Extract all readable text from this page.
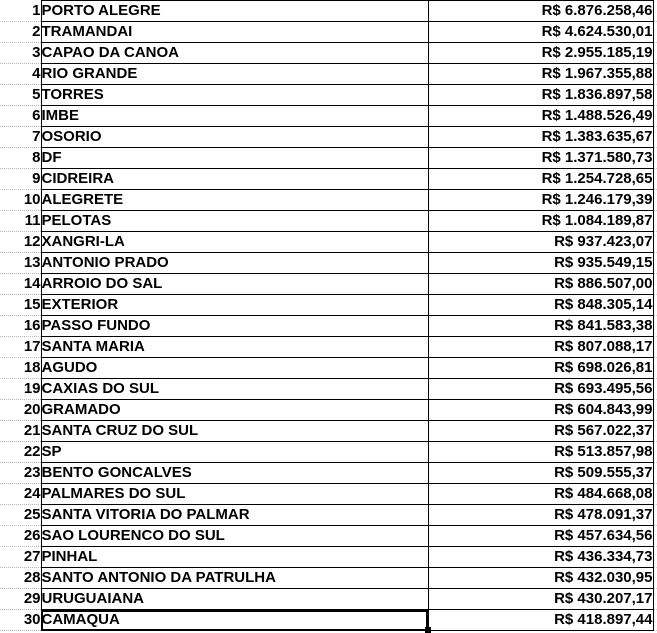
1	PORTO ALEGRE	R$ 6.876.258,46	
2	TRAMANDAI	R$ 4.624.530,01	
3	CAPAO DA CANOA	R$ 2.955.185,19	
4	RIO GRANDE	R$ 1.967.355,88	
5	TORRES	R$ 1.836.897,58	
6	IMBE	R$ 1.488.526,49	
7	OSORIO	R$ 1.383.635,67	
8	DF	R$ 1.371.580,73	
9	CIDREIRA	R$ 1.254.728,65	
10	ALEGRETE	R$ 1.246.179,39	
11	PELOTAS	R$ 1.084.189,87	
12	XANGRI-LA	R$ 937.423,07	
13	ANTONIO PRADO	R$ 935.549,15	
14	ARROIO DO SAL	R$ 886.507,00	
15	EXTERIOR	R$ 848.305,14	
16	PASSO FUNDO	R$ 841.583,38	
17	SANTA MARIA	R$ 807.088,17	
18	AGUDO	R$ 698.026,81	
19	CAXIAS DO SUL	R$ 693.495,56	
20	GRAMADO	R$ 604.843,99	
21	SANTA CRUZ DO SUL	R$ 567.022,37	
22	SP	R$ 513.857,98	
23	BENTO GONCALVES	R$ 509.555,37	
24	PALMARES DO SUL	R$ 484.668,08	
25	SANTA VITORIA DO PALMAR	R$ 478.091,37	
26	SAO LOURENCO DO SUL	R$ 457.634,56	
27	PINHAL	R$ 436.334,73	
28	SANTO ANTONIO DA PATRULHA	R$ 432.030,95	
29	URUGUAIANA	R$ 430.207,17	
30	CAMAQUA	R$ 418.897,44	
